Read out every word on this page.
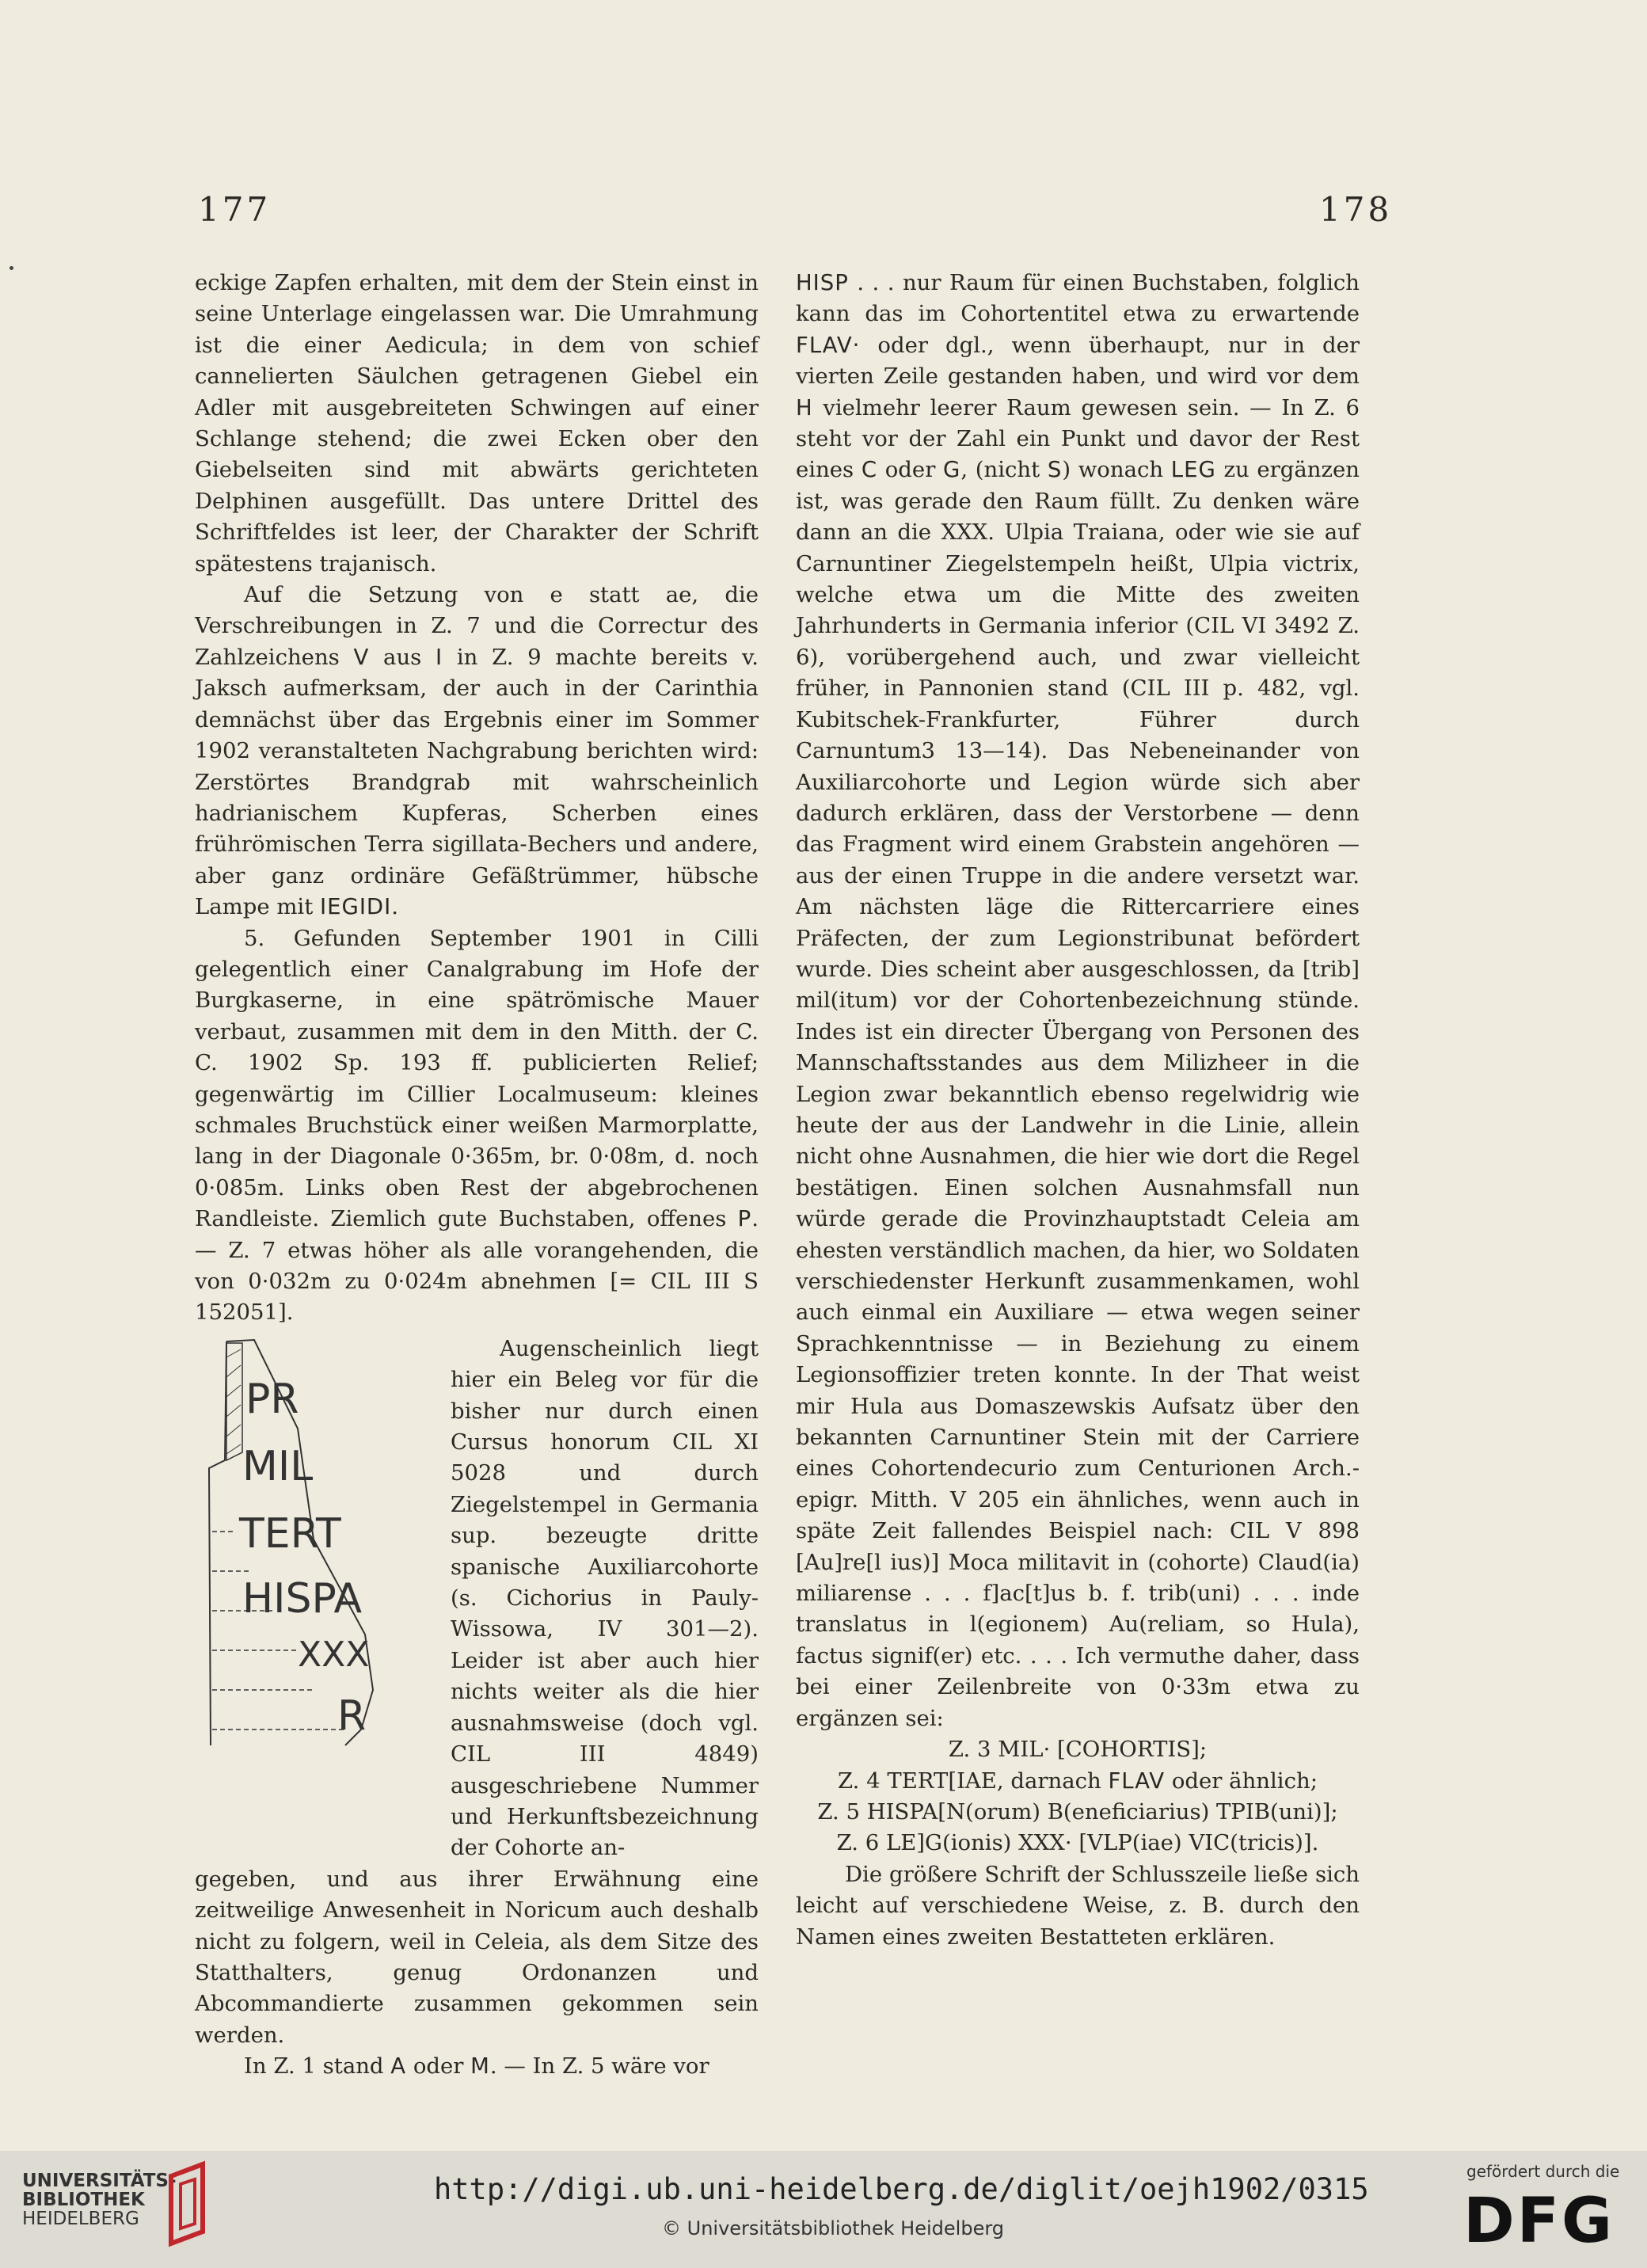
177	178

eckige Zapfen erhalten, mit dem der Stein einst in seine Unterlage eingelassen war. Die Umrahmung ist die einer Aedicula; in dem von schief cannelierten Säulchen getragenen Giebel ein Adler mit ausgebreiteten Schwingen auf einer Schlange stehend; die zwei Ecken ober den Giebelseiten sind mit abwärts gerichteten Delphinen ausgefüllt. Das untere Drittel des Schriftfeldes ist leer, der Charakter der Schrift spätestens trajanisch.

Auf die Setzung von e statt ae, die Verschreibungen in Z. 7 und die Correctur des Zahlzeichens V aus I in Z. 9 machte bereits v. Jaksch aufmerksam, der auch in der Carinthia demnächst über das Ergebnis einer im Sommer 1902 veranstalteten Nachgrabung berichten wird: Zerstörtes Brandgrab mit wahrscheinlich hadrianischem Kupferas, Scherben eines frührömischen Terra sigillata-Bechers und andere, aber ganz ordinäre Gefäßtrümmer, hübsche Lampe mit IEGIDI.

5. Gefunden September 1901 in Cilli gelegentlich einer Canalgrabung im Hofe der Burgkaserne, in eine spätrömische Mauer verbaut, zusammen mit dem in den Mitth. der C. C. 1902 Sp. 193 ff. publicierten Relief; gegenwärtig im Cillier Localmuseum: kleines schmales Bruchstück einer weißen Marmorplatte, lang in der Diagonale 0·365m, br. 0·08m, d. noch 0·085m. Links oben Rest der abgebrochenen Randleiste. Ziemlich gute Buchstaben, offenes P. — Z. 7 etwas höher als alle vorangehenden, die von 0·032m zu 0·024m abnehmen [= CIL III S 152051].

PR
MIL
TERT
HISPA
XXX
R

Augenscheinlich liegt hier ein Beleg vor für die bisher nur durch einen Cursus honorum CIL XI 5028 und durch Ziegelstempel in Germania sup. bezeugte dritte spanische Auxiliarcohorte (s. Cichorius in Pauly-Wissowa, IV 301—2). Leider ist aber auch hier nichts weiter als die hier ausnahmsweise (doch vgl. CIL III 4849) ausgeschriebene Nummer und Herkunftsbezeichnung der Cohorte an-

gegeben, und aus ihrer Erwähnung eine zeitweilige Anwesenheit in Noricum auch deshalb nicht zu folgern, weil in Celeia, als dem Sitze des Statthalters, genug Ordonanzen und Abcommandierte zusammen gekommen sein werden.

In Z. 1 stand A oder M. — In Z. 5 wäre vor

HISP . . . nur Raum für einen Buchstaben, folglich kann das im Cohortentitel etwa zu erwartende FLAV· oder dgl., wenn überhaupt, nur in der vierten Zeile gestanden haben, und wird vor dem H vielmehr leerer Raum gewesen sein. — In Z. 6 steht vor der Zahl ein Punkt und davor der Rest eines C oder G, (nicht S) wonach LEG zu ergänzen ist, was gerade den Raum füllt. Zu denken wäre dann an die XXX. Ulpia Traiana, oder wie sie auf Carnuntiner Ziegelstempeln heißt, Ulpia victrix, welche etwa um die Mitte des zweiten Jahrhunderts in Germania inferior (CIL VI 3492 Z. 6), vorübergehend auch, und zwar vielleicht früher, in Pannonien stand (CIL III p. 482, vgl. Kubitschek-Frankfurter, Führer durch Carnuntum3 13—14). Das Nebeneinander von Auxiliarcohorte und Legion würde sich aber dadurch erklären, dass der Verstorbene — denn das Fragment wird einem Grabstein angehören — aus der einen Truppe in die andere versetzt war. Am nächsten läge die Rittercarriere eines Präfecten, der zum Legionstribunat befördert wurde. Dies scheint aber ausgeschlossen, da [trib] mil(itum) vor der Cohortenbezeichnung stünde. Indes ist ein directer Übergang von Personen des Mannschaftsstandes aus dem Milizheer in die Legion zwar bekanntlich ebenso regelwidrig wie heute der aus der Landwehr in die Linie, allein nicht ohne Ausnahmen, die hier wie dort die Regel bestätigen. Einen solchen Ausnahmsfall nun würde gerade die Provinzhauptstadt Celeia am ehesten verständlich machen, da hier, wo Soldaten verschiedenster Herkunft zusammenkamen, wohl auch einmal ein Auxiliare — etwa wegen seiner Sprachkenntnisse — in Beziehung zu einem Legionsoffizier treten konnte. In der That weist mir Hula aus Domaszewskis Aufsatz über den bekannten Carnuntiner Stein mit der Carriere eines Cohortendecurio zum Centurionen Arch.-epigr. Mitth. V 205 ein ähnliches, wenn auch in späte Zeit fallendes Beispiel nach: CIL V 898 [Au]re[l ius)] Moca militavit in (cohorte) Claud(ia) miliarense . . . f]ac[t]us b. f. trib(uni) . . . inde translatus in l(egionem) Au(reliam, so Hula), factus signif(er) etc. . . . Ich vermuthe daher, dass bei einer Zeilenbreite von 0·33m etwa zu ergänzen sei:

Z. 3 MIL· [COHORTIS];

Z. 4 TERT[IAE, darnach FLAV oder ähnlich;

Z. 5 HISPA[N(orum) B(eneficiarius) TPIB(uni)];

Z. 6 LE]G(ionis) XXX· [VLP(iae) VIC(tricis)].

Die größere Schrift der Schlusszeile ließe sich leicht auf verschiedene Weise, z. B. durch den Namen eines zweiten Bestatteten erklären.

UNIVERSITÄTS-
BIBLIOTHEK
HEIDELBERG
http://digi.ub.uni-heidelberg.de/diglit/oejh1902/0315
© Universitätsbibliothek Heidelberg
gefördert durch die
DFG
